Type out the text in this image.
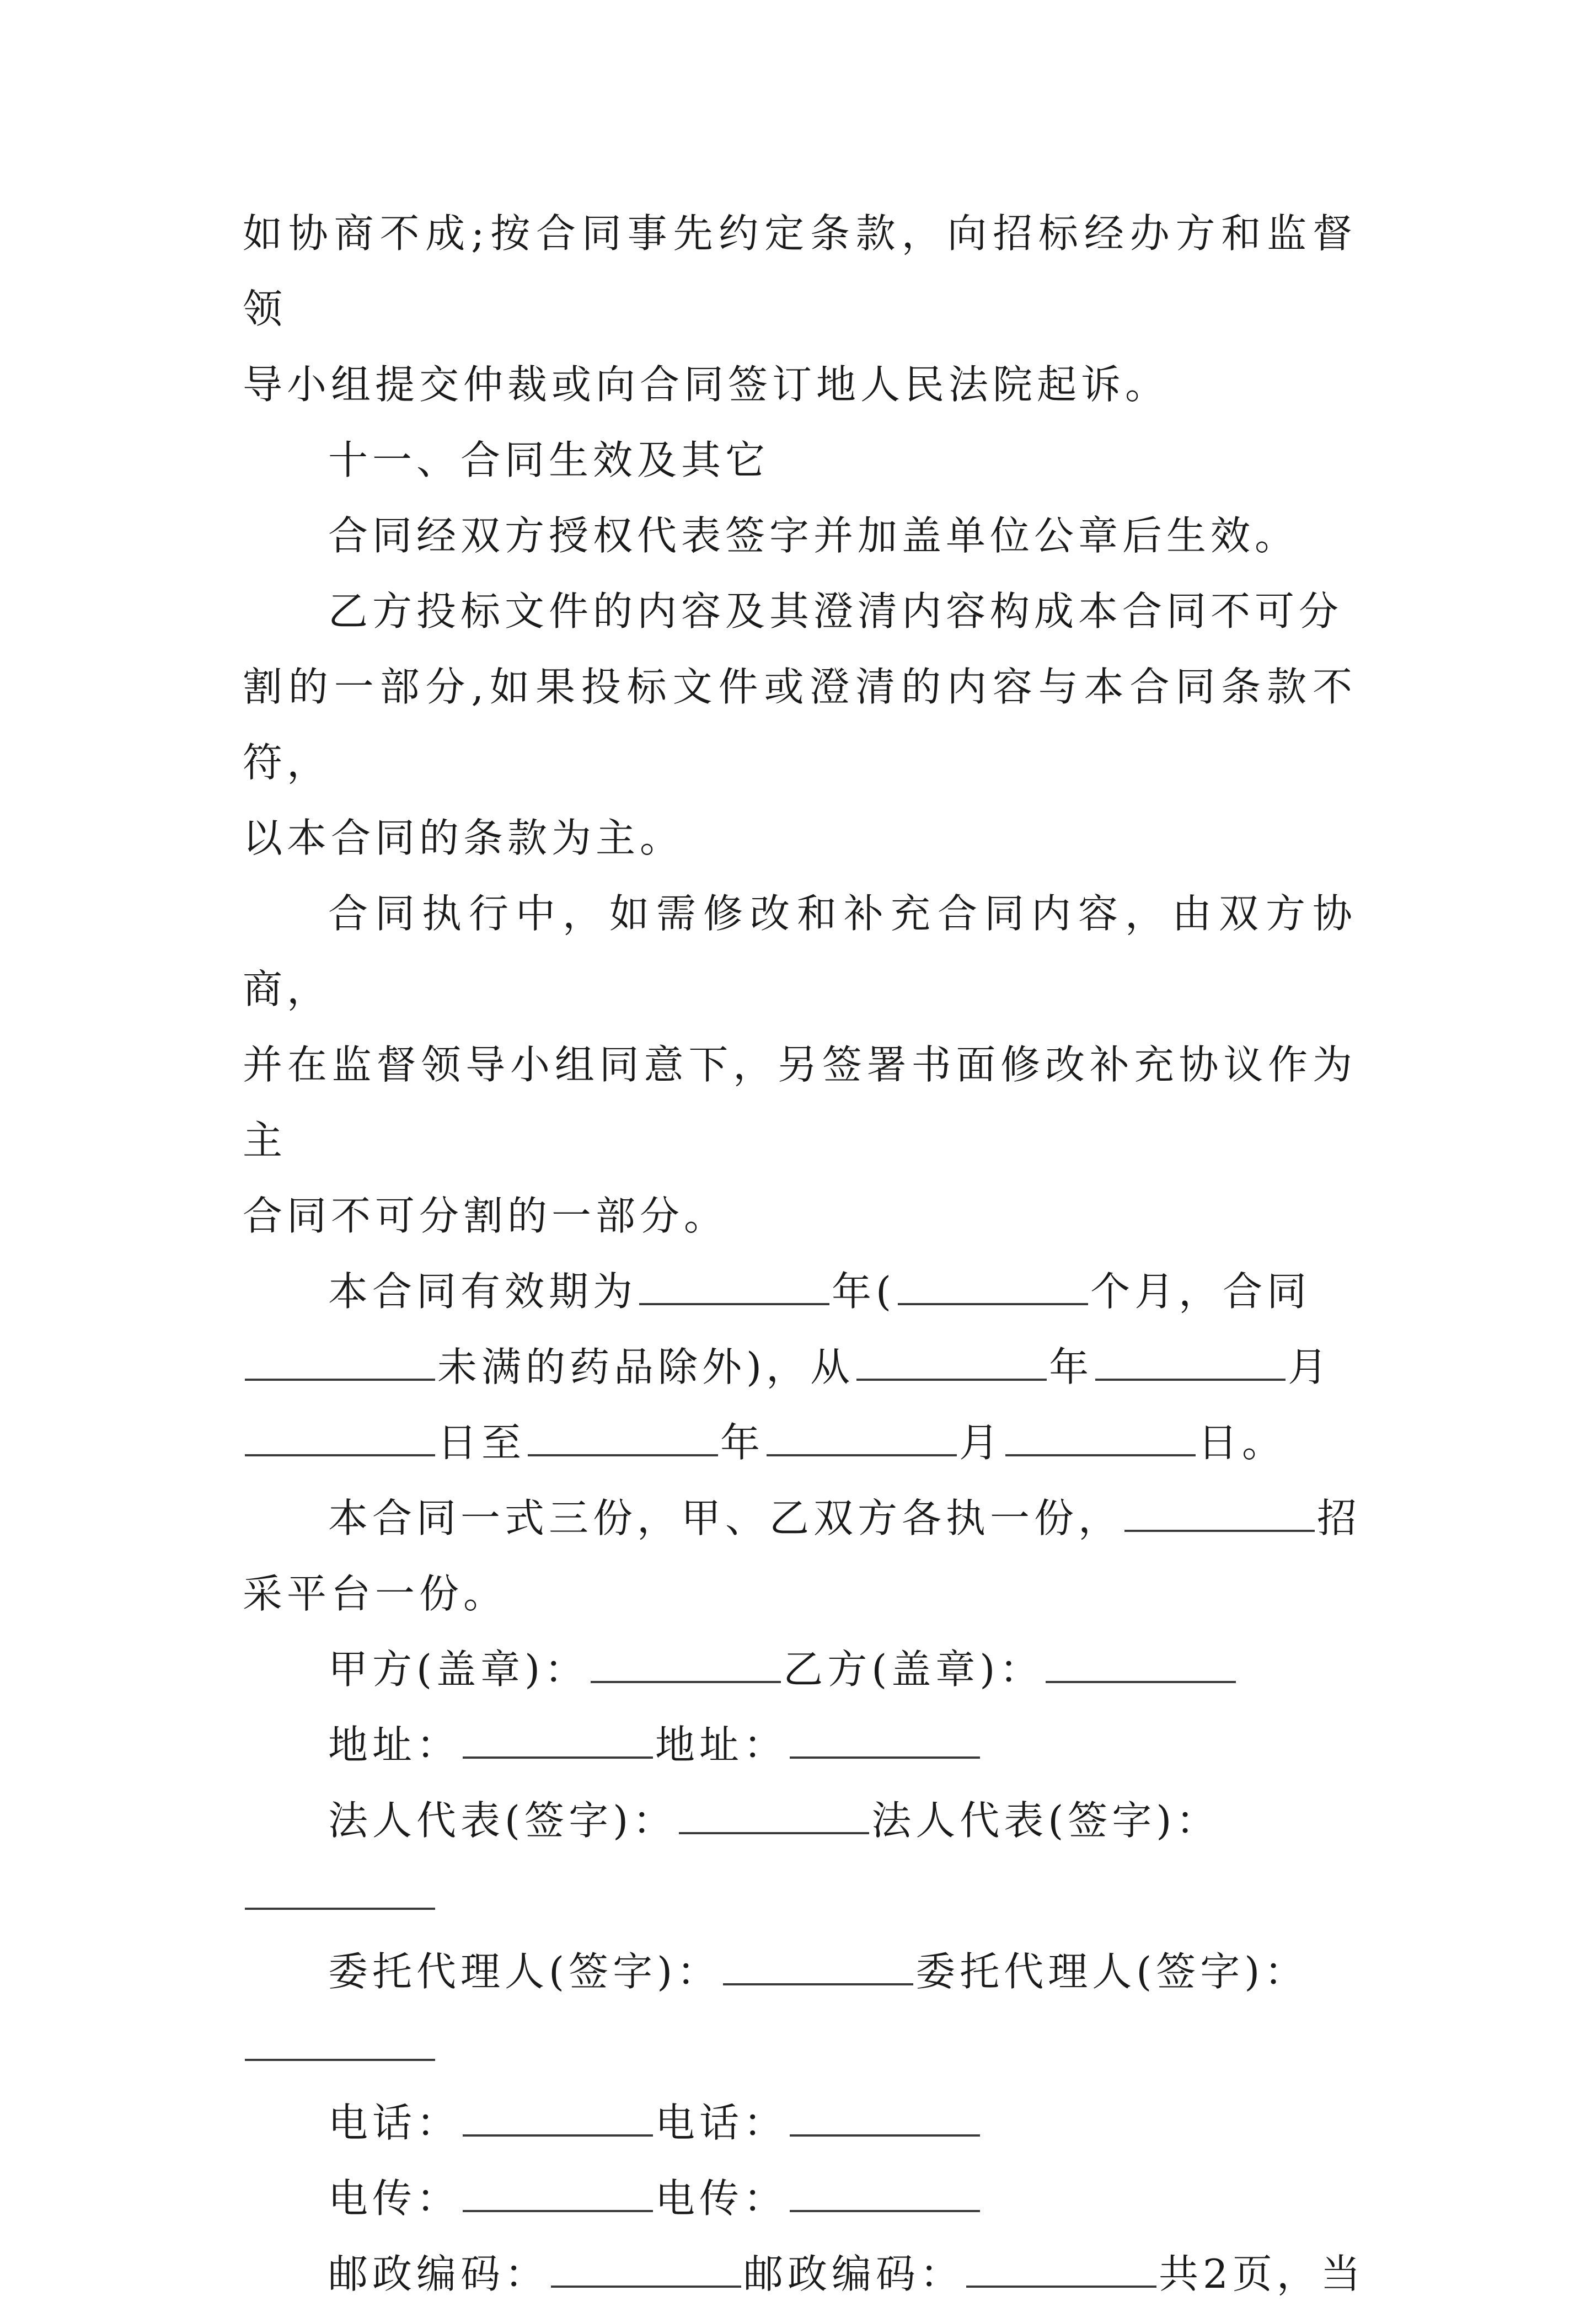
如协商不成;按合同事先约定条款，向招标经办方和监督领

导小组提交仲裁或向合同签订地人民法院起诉。

十一、合同生效及其它

合同经双方授权代表签字并加盖单位公章后生效。

乙方投标文件的内容及其澄清内容构成本合同不可分

割的一部分,如果投标文件或澄清的内容与本合同条款不符，

以本合同的条款为主。

合同执行中，如需修改和补充合同内容，由双方协商，

并在监督领导小组同意下，另签署书面修改补充协议作为主

合同不可分割的一部分。

本合同有效期为	年(	个月，合同

未满的药品除外)，从	年	月

日至	年	月	日。

本合同一式三份，甲、乙双方各执一份，	招

采平台一份。

甲方(盖章)：	乙方(盖章)：

地址：	地址：

法人代表(签字)：	法人代表(签字)：

委托代理人(签字)：	委托代理人(签字)：

电话：	电话：

电传：	电传：

邮政编码：	邮政编码：	共2页，当
